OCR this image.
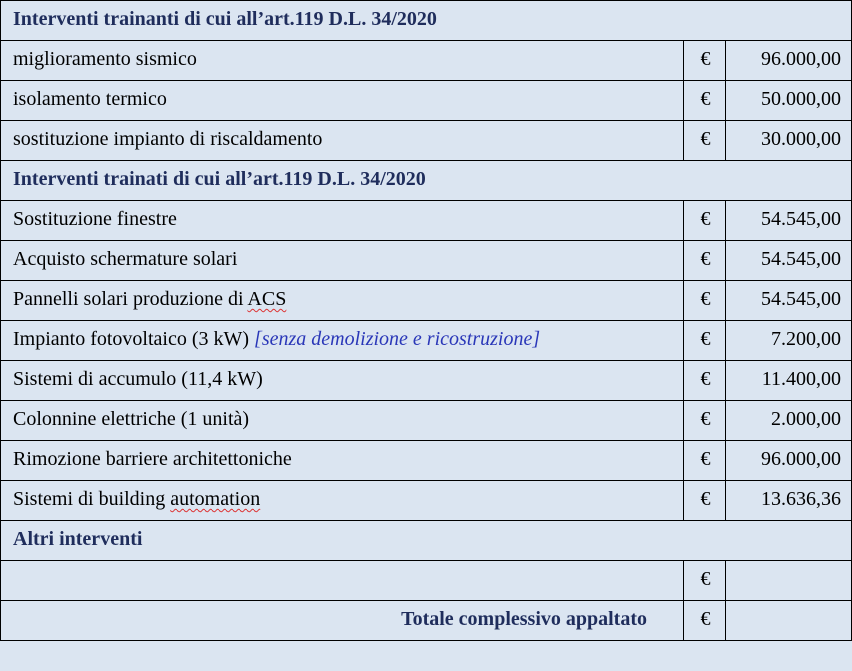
Interventi trainanti di cui all’art.119 D.L. 34/2020		
miglioramento sismico	€	96.000,00
isolamento termico	€	50.000,00
sostituzione impianto di riscaldamento	€	30.000,00
Interventi trainati di cui all’art.119 D.L. 34/2020		
Sostituzione finestre	€	54.545,00
Acquisto schermature solari	€	54.545,00
Pannelli solari produzione di ACS	€	54.545,00
Impianto fotovoltaico (3 kW) [senza demolizione e ricostruzione]	€	7.200,00
Sistemi di accumulo (11,4 kW)	€	11.400,00
Colonnine elettriche (1 unità)	€	2.000,00
Rimozione barriere architettoniche	€	96.000,00
Sistemi di building automation	€	13.636,36
Altri interventi		
	€	
Totale complessivo appaltato	€	
